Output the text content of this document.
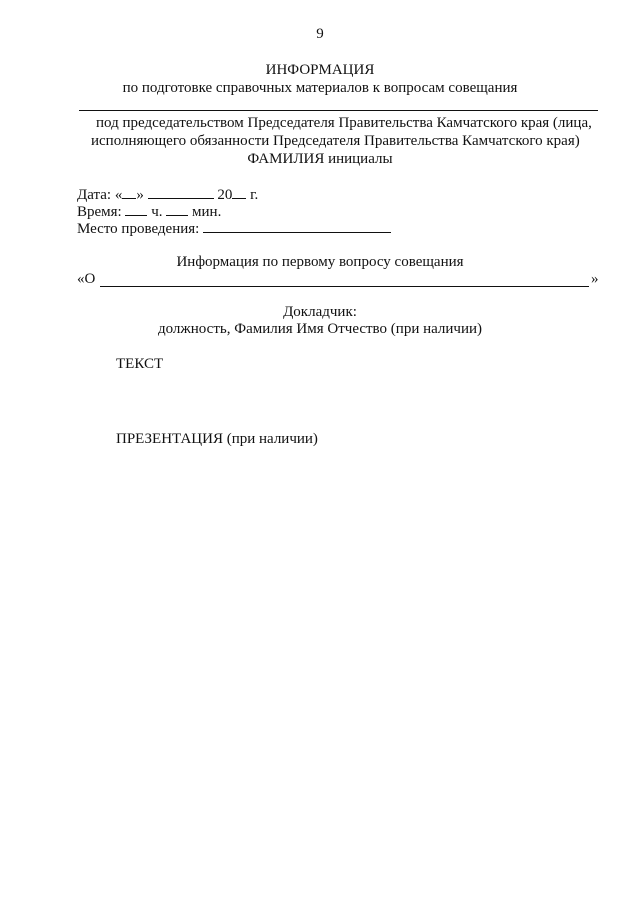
9
ИНФОРМАЦИЯ
по подготовке справочных материалов к вопросам совещания
под председательством Председателя Правительства Камчатского края (лица,
исполняющего обязанности Председателя Правительства Камчатского края)
ФАМИЛИЯ инициалы
Дата: « »	20 г.
Время: ч. мин.
Место проведения:
Информация по первому вопросу совещания
«О	»
Докладчик:
должность, Фамилия Имя Отчество (при наличии)
ТЕКСТ
ПРЕЗЕНТАЦИЯ (при наличии)
